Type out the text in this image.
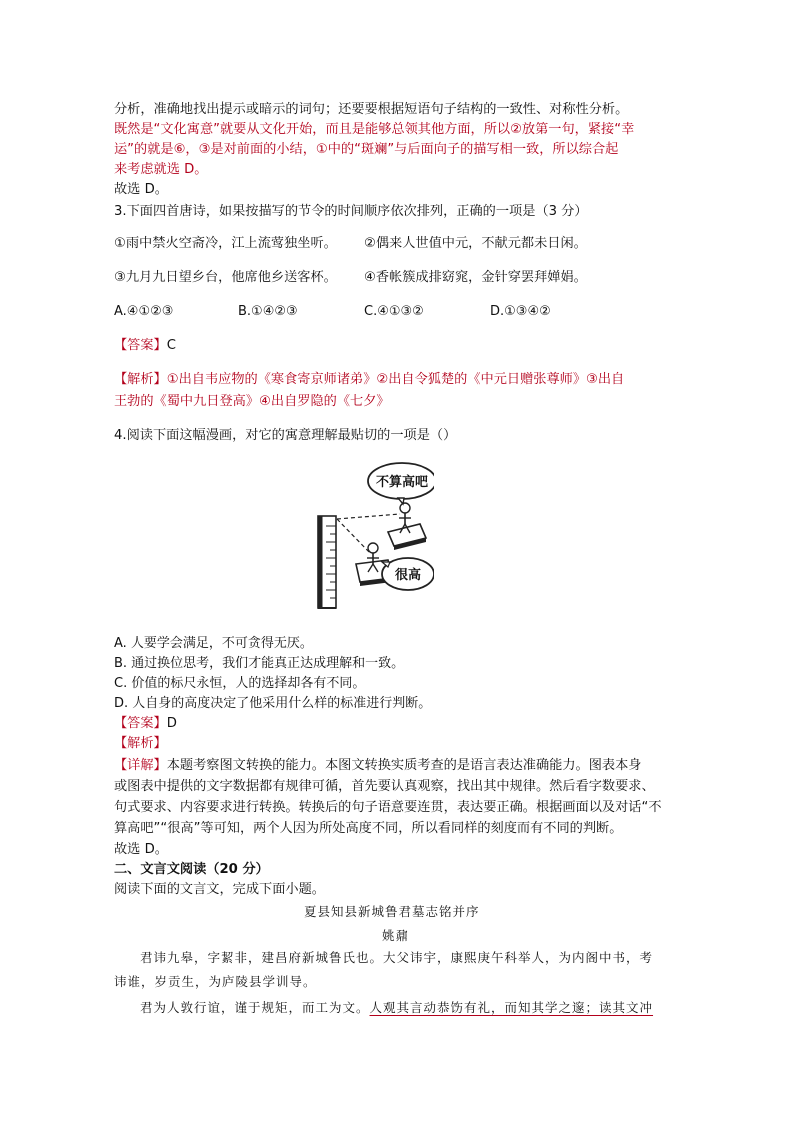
分析，准确地找出提示或暗示的词句；还要要根据短语句子结构的一致性、对称性分析。
既然是“文化寓意”就要从文化开始，而且是能够总领其他方面，所以②放第一句，紧接“幸
运”的就是⑥，③是对前面的小结，①中的“斑斓”与后面向子的描写相一致，所以综合起
来考虑就选 D。
故选 D。
3.下面四首唐诗，如果按描写的节令的时间顺序依次排列，正确的一项是（3 分）
①雨中禁火空斋冷，江上流莺独坐听。 ②偶来人世值中元，不献元都未日闲。
③九月九日望乡台，他席他乡送客杯。 ④香帐簇成排窈窕，金针穿罢拜婵娟。
A.④①②③	B.①④②③	C.④①③②	D.①③④②
【答案】C
【解析】①出自韦应物的《寒食寄京师诸弟》②出自令狐楚的《中元日赠张尊师》③出自
王勃的《蜀中九日登高》④出自罗隐的《七夕》
4.阅读下面这幅漫画，对它的寓意理解最贴切的一项是（）
A. 人要学会满足，不可贪得无厌。
B. 通过换位思考，我们才能真正达成理解和一致。
C. 价值的标尺永恒，人的选择却各有不同。
D. 人自身的高度决定了他采用什么样的标准进行判断。
【答案】D
【解析】
【详解】本题考察图文转换的能力。本图文转换实质考查的是语言表达准确能力。图表本身
或图表中提供的文字数据都有规律可循，首先要认真观察，找出其中规律。然后看字数要求、
句式要求、内容要求进行转换。转换后的句子语意要连贯，表达要正确。根据画面以及对话“不
算高吧”“很高”等可知，两个人因为所处高度不同，所以看同样的刻度而有不同的判断。
故选 D。
二、文言文阅读（20 分）
阅读下面的文言文，完成下面小题。
夏县知县新城鲁君墓志铭并序
姚鼐
君讳九皋，字絜非，建昌府新城鲁氏也。大父讳宇，康熙庚午科举人，为内阁中书，考
讳谁，岁贡生，为庐陵县学训导。
君为人敦行谊，谨于规矩，而工为文。人观其言动恭饬有礼，而知其学之邃；读其文冲
不算高吧
很高
